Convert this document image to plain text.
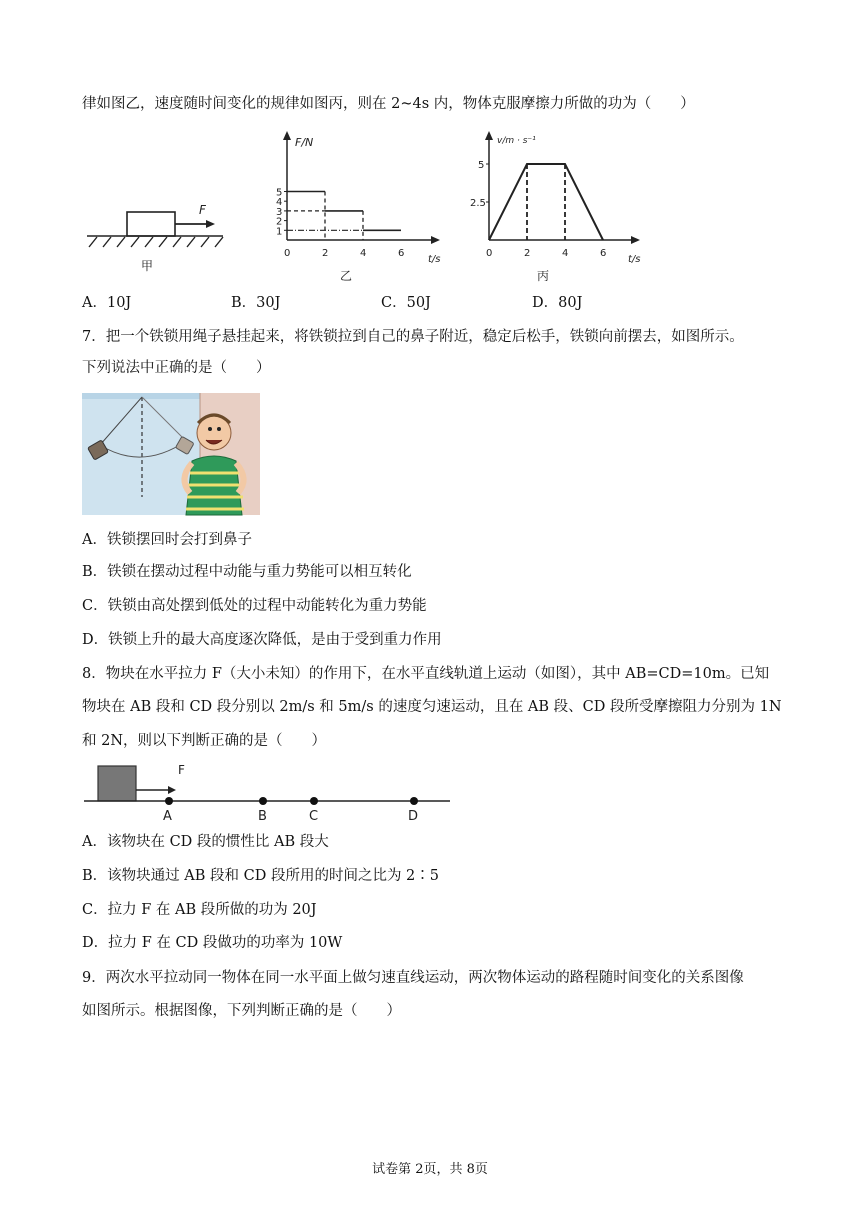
律如图乙，速度随时间变化的规律如图丙，则在 2~4s 内，物体克服摩擦力所做的功为（　　）
F
甲
F/N
t/s
乙
5
4
3
2
1
0	2	4	6
v/m · s⁻¹
t/s
丙
5
2.5
0	2	4	6
A．10J	B．30J	C．50J	D．80J
7．把一个铁锁用绳子悬挂起来，将铁锁拉到自己的鼻子附近，稳定后松手，铁锁向前摆去，如图所示。
下列说法中正确的是（　　）
A．铁锁摆回时会打到鼻子
B．铁锁在摆动过程中动能与重力势能可以相互转化
C．铁锁由高处摆到低处的过程中动能转化为重力势能
D．铁锁上升的最大高度逐次降低，是由于受到重力作用
8．物块在水平拉力 F（大小未知）的作用下，在水平直线轨道上运动（如图），其中 AB=CD=10m。已知
物块在 AB 段和 CD 段分别以 2m/s 和 5m/s 的速度匀速运动，且在 AB 段、CD 段所受摩擦阻力分别为 1N
和 2N，则以下判断正确的是（　　）
F
A	B	C	D
A．该物块在 CD 段的惯性比 AB 段大
B．该物块通过 AB 段和 CD 段所用的时间之比为 2∶5
C．拉力 F 在 AB 段所做的功为 20J
D．拉力 F 在 CD 段做功的功率为 10W
9．两次水平拉动同一物体在同一水平面上做匀速直线运动，两次物体运动的路程随时间变化的关系图像
如图所示。根据图像，下列判断正确的是（　　）
试卷第 2页，共 8页
